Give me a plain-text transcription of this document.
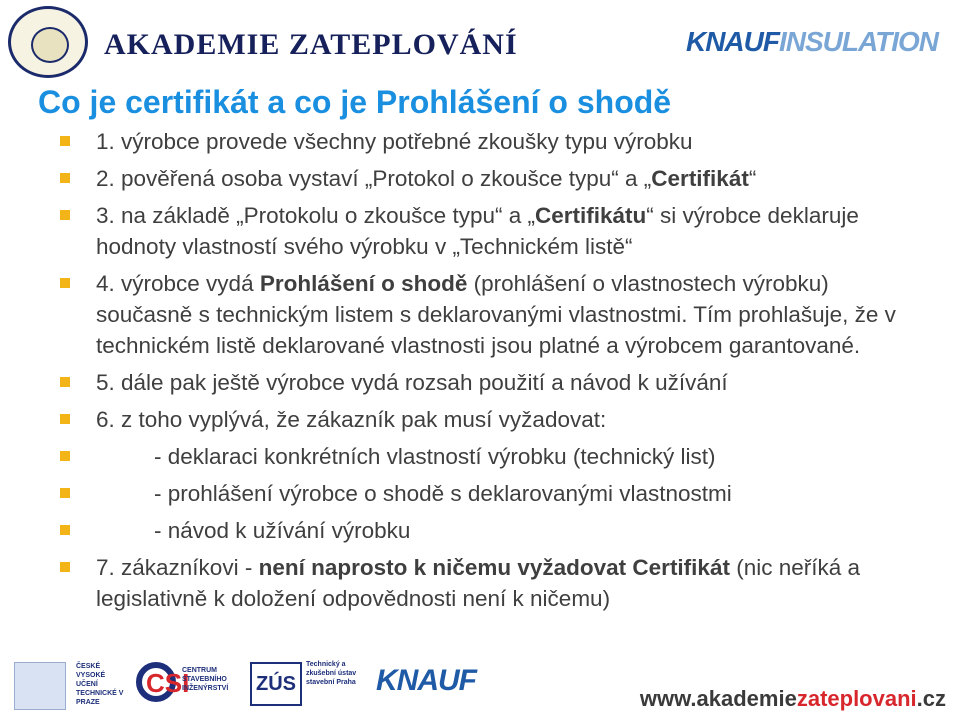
AKADEMIE ZATEPLOVÁNÍ	KNAUFINSULATION
Co je certifikát a co je Prohlášení o shodě
1. výrobce provede všechny potřebné zkoušky typu výrobku
2. pověřená osoba vystaví „Protokol o zkoušce typu“ a „Certifikát“
3. na základě „Protokolu o zkoušce typu“ a „Certifikátu“ si výrobce deklaruje hodnoty vlastností svého výrobku v „Technickém listě“
4. výrobce vydá Prohlášení o shodě (prohlášení o vlastnostech výrobku) současně s technickým listem s deklarovanými vlastnostmi. Tím prohlašuje, že v technickém listě deklarované vlastnosti jsou platné a výrobcem garantované.
5. dále pak ještě výrobce vydá rozsah použití a návod k užívání
6. z toho vyplývá, že zákazník pak musí vyžadovat:
- deklaraci konkrétních vlastností výrobku (technický list)
- prohlášení výrobce o shodě s deklarovanými vlastnostmi
- návod k užívání výrobku
7. zákazníkovi - není naprosto k ničemu vyžadovat Certifikát (nic neříká a legislativně k doložení odpovědnosti není k ničemu)
ČESKÉ VYSOKÉ UČENÍ TECHNICKÉ V PRAZE
CSI
CENTRUM STAVEBNÍHO INŽENÝRSTVÍ	ZÚS
Technický a zkušební ústav stavební Praha KNAUF
www.akademiezateplovani.cz
